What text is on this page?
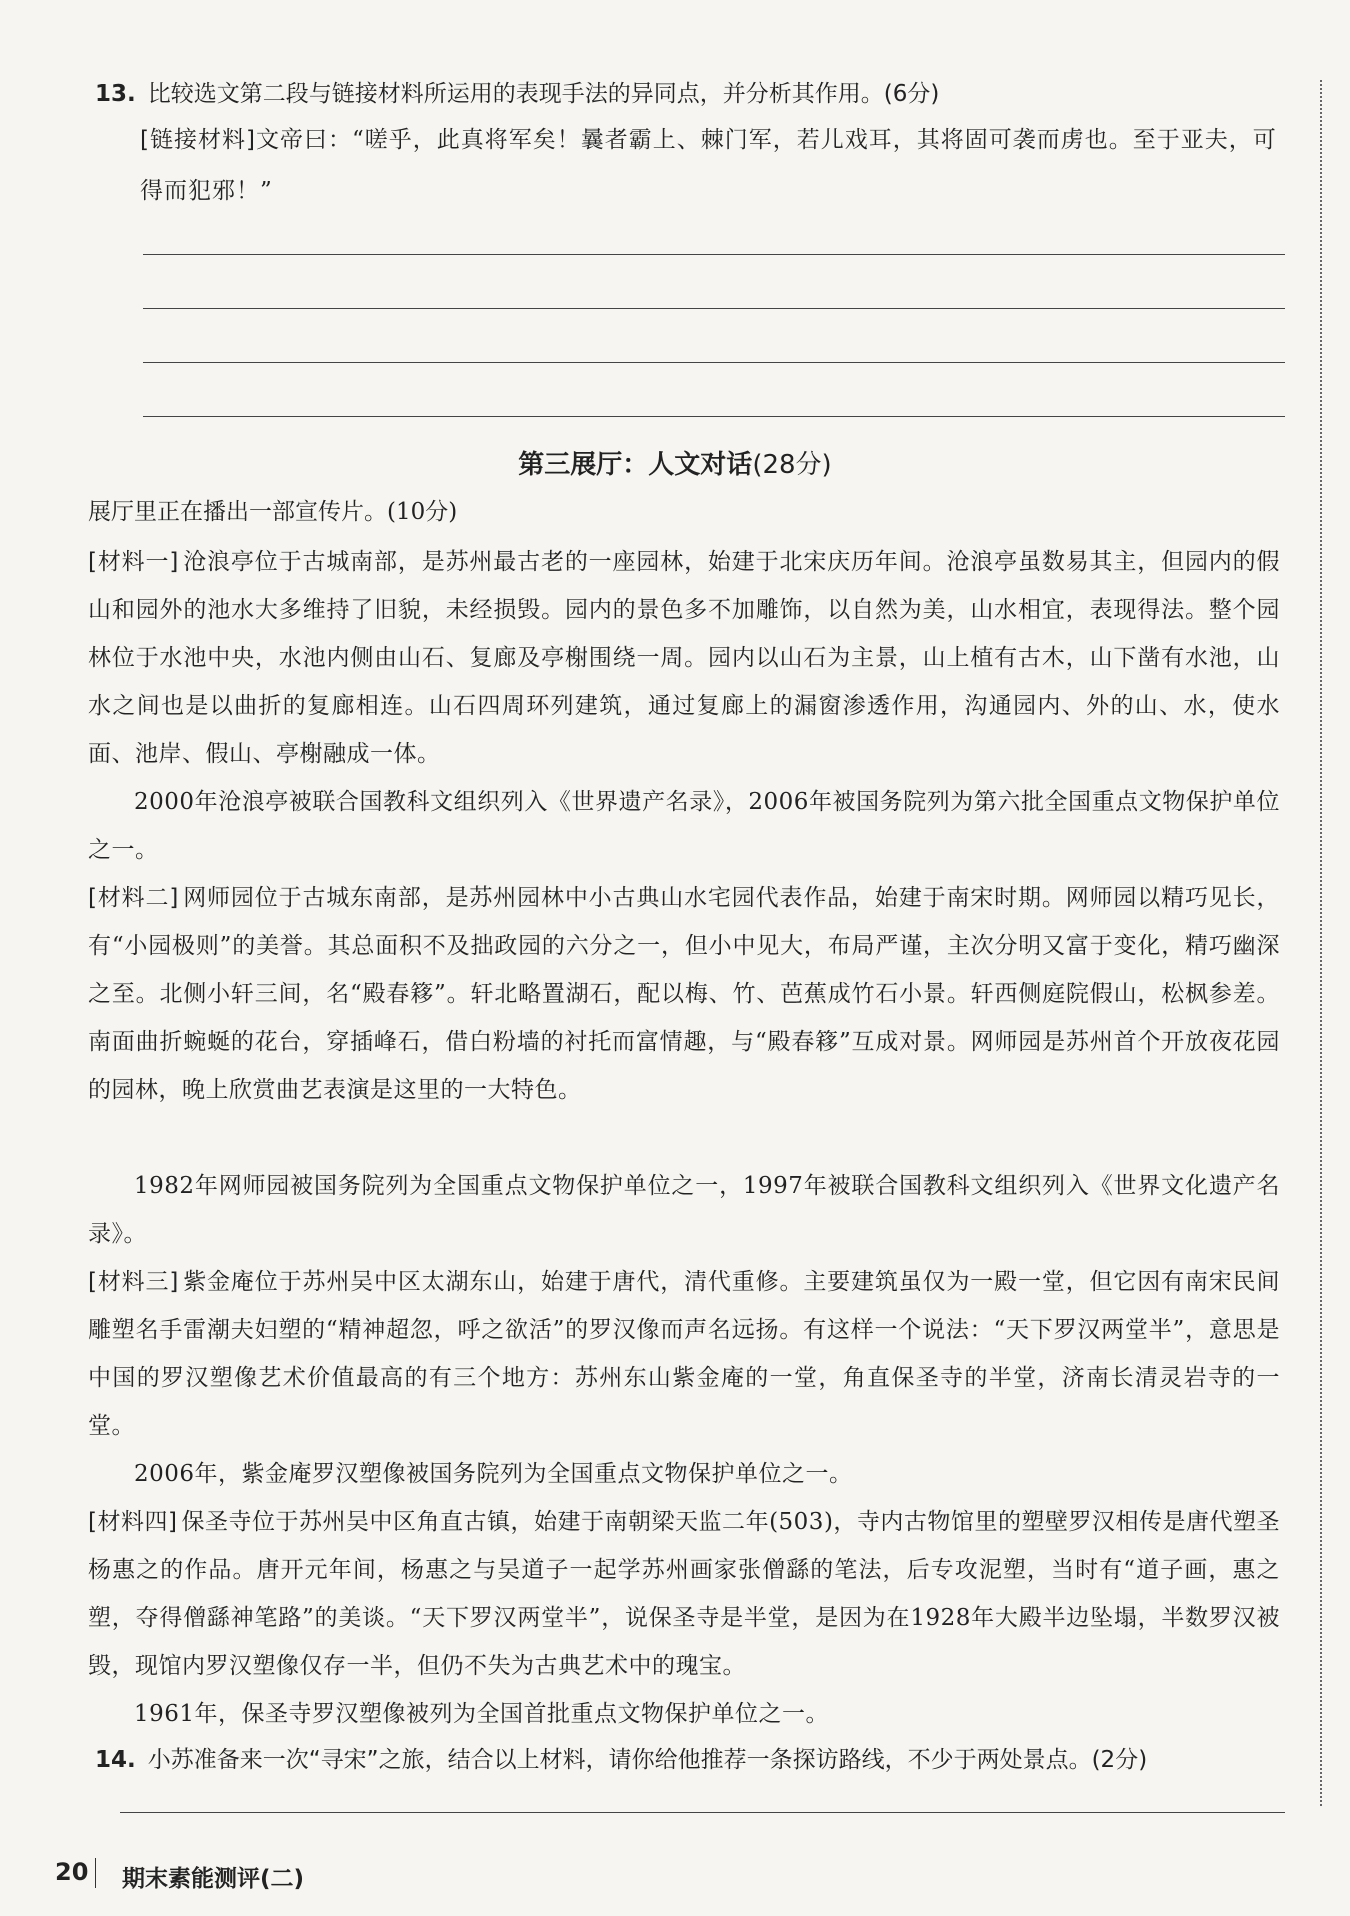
13. 比较选文第二段与链接材料所运用的表现手法的异同点，并分析其作用。(6分)
[链接材料]文帝曰：“嗟乎，此真将军矣！曩者霸上、棘门军，若儿戏耳，其将固可袭而虏也。至于亚夫，可得而犯邪！”
第三展厅：人文对话(28分)
展厅里正在播出一部宣传片。(10分)
[材料一] 沧浪亭位于古城南部，是苏州最古老的一座园林，始建于北宋庆历年间。沧浪亭虽数易其主，但园内的假山和园外的池水大多维持了旧貌，未经损毁。园内的景色多不加雕饰，以自然为美，山水相宜，表现得法。整个园林位于水池中央，水池内侧由山石、复廊及亭榭围绕一周。园内以山石为主景，山上植有古木，山下凿有水池，山水之间也是以曲折的复廊相连。山石四周环列建筑，通过复廊上的漏窗渗透作用，沟通园内、外的山、水，使水面、池岸、假山、亭榭融成一体。
2000年沧浪亭被联合国教科文组织列入《世界遗产名录》，2006年被国务院列为第六批全国重点文物保护单位之一。
[材料二] 网师园位于古城东南部，是苏州园林中小古典山水宅园代表作品，始建于南宋时期。网师园以精巧见长，有“小园极则”的美誉。其总面积不及拙政园的六分之一，但小中见大，布局严谨，主次分明又富于变化，精巧幽深之至。北侧小轩三间，名“殿春簃”。轩北略置湖石，配以梅、竹、芭蕉成竹石小景。轩西侧庭院假山，松枫参差。南面曲折蜿蜒的花台，穿插峰石，借白粉墙的衬托而富情趣，与“殿春簃”互成对景。网师园是苏州首个开放夜花园的园林，晚上欣赏曲艺表演是这里的一大特色。
1982年网师园被国务院列为全国重点文物保护单位之一，1997年被联合国教科文组织列入《世界文化遗产名录》。
[材料三] 紫金庵位于苏州吴中区太湖东山，始建于唐代，清代重修。主要建筑虽仅为一殿一堂，但它因有南宋民间雕塑名手雷潮夫妇塑的“精神超忽，呼之欲活”的罗汉像而声名远扬。有这样一个说法：“天下罗汉两堂半”，意思是中国的罗汉塑像艺术价值最高的有三个地方：苏州东山紫金庵的一堂，角直保圣寺的半堂，济南长清灵岩寺的一堂。
2006年，紫金庵罗汉塑像被国务院列为全国重点文物保护单位之一。
[材料四] 保圣寺位于苏州吴中区角直古镇，始建于南朝梁天监二年(503)，寺内古物馆里的塑壁罗汉相传是唐代塑圣杨惠之的作品。唐开元年间，杨惠之与吴道子一起学苏州画家张僧繇的笔法，后专攻泥塑，当时有“道子画，惠之塑，夺得僧繇神笔路”的美谈。“天下罗汉两堂半”，说保圣寺是半堂，是因为在1928年大殿半边坠塌，半数罗汉被毁，现馆内罗汉塑像仅存一半，但仍不失为古典艺术中的瑰宝。
1961年，保圣寺罗汉塑像被列为全国首批重点文物保护单位之一。
14. 小苏准备来一次“寻宋”之旅，结合以上材料，请你给他推荐一条探访路线，不少于两处景点。(2分)
20 期末素能测评(二)
